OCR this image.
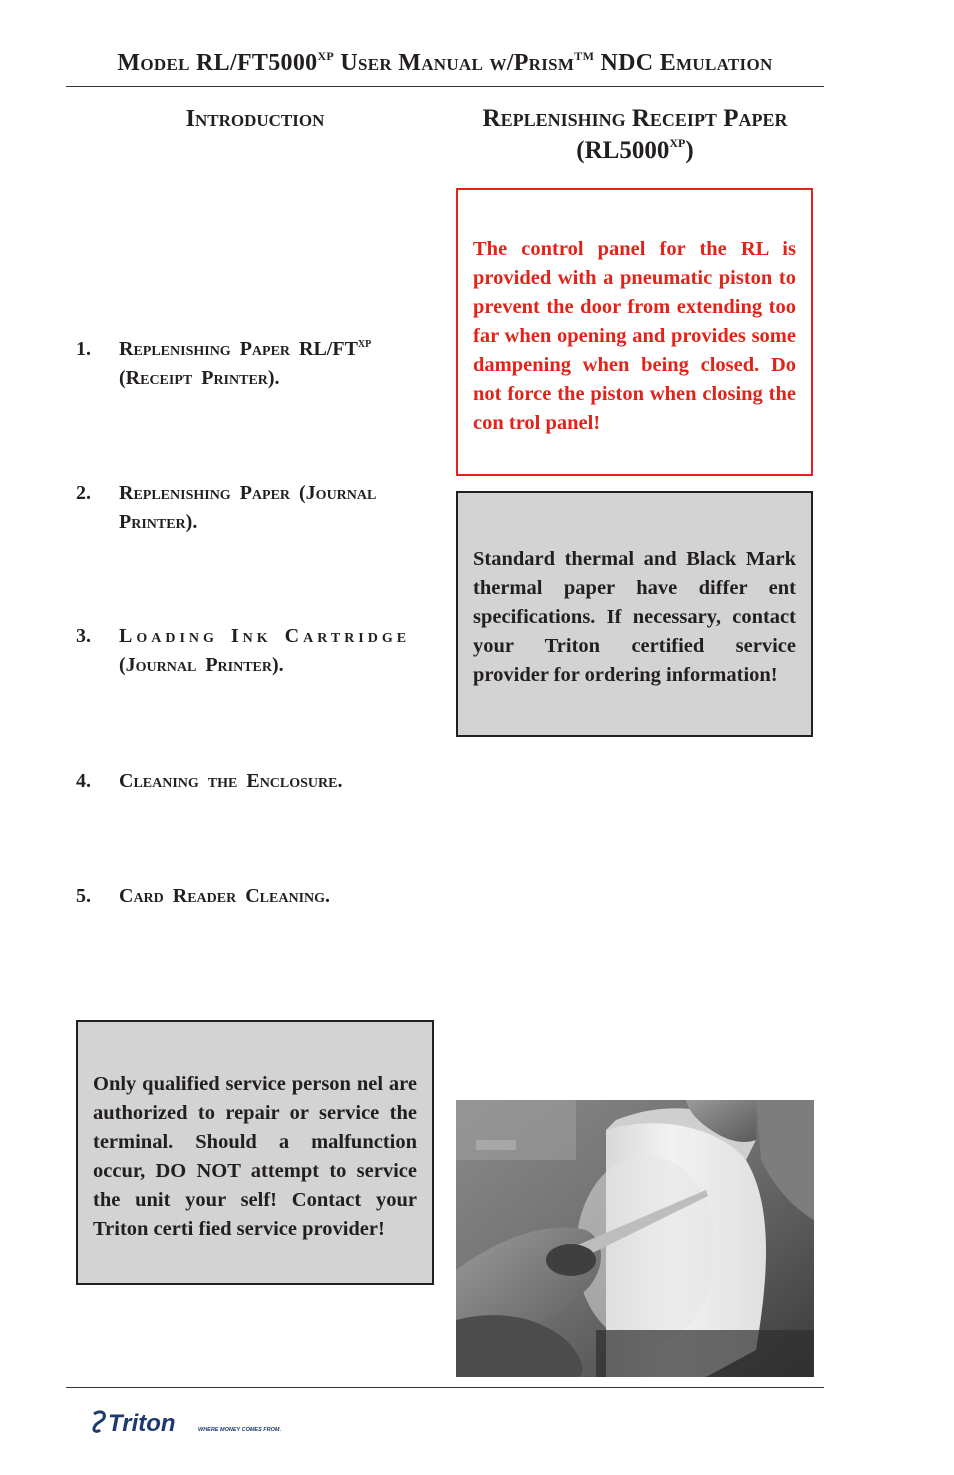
Model $RL/FT5000^{XP}$ User Manual w/Prism™ NDC Emulation
Introduction
1. Replenishing Paper $RL/FT^{XP}$
(Receipt Printer).
2. Replenishing Paper (Journal
Printer).
3. Loading Ink Cartridge
(Journal Printer).
4. Cleaning the Enclosure.
5. Card Reader Cleaning.
Only qualified service person nel are authorized to repair or service the terminal. Should a malfunction occur, DO NOT attempt to service the unit your self! Contact your Triton certi fied service provider!
Replenishing Receipt Paper
$(RL5000^{XP})$
The control panel for the RL is provided with a pneumatic piston to prevent the door from extending too far when opening and provides some dampening when being closed. Do not force the piston when closing the con trol panel!
Standard thermal and Black Mark thermal paper have differ ent specifications. If necessary, contact your Triton certified service provider for ordering information!
Triton	WHERE MONEY COMES FROM.
